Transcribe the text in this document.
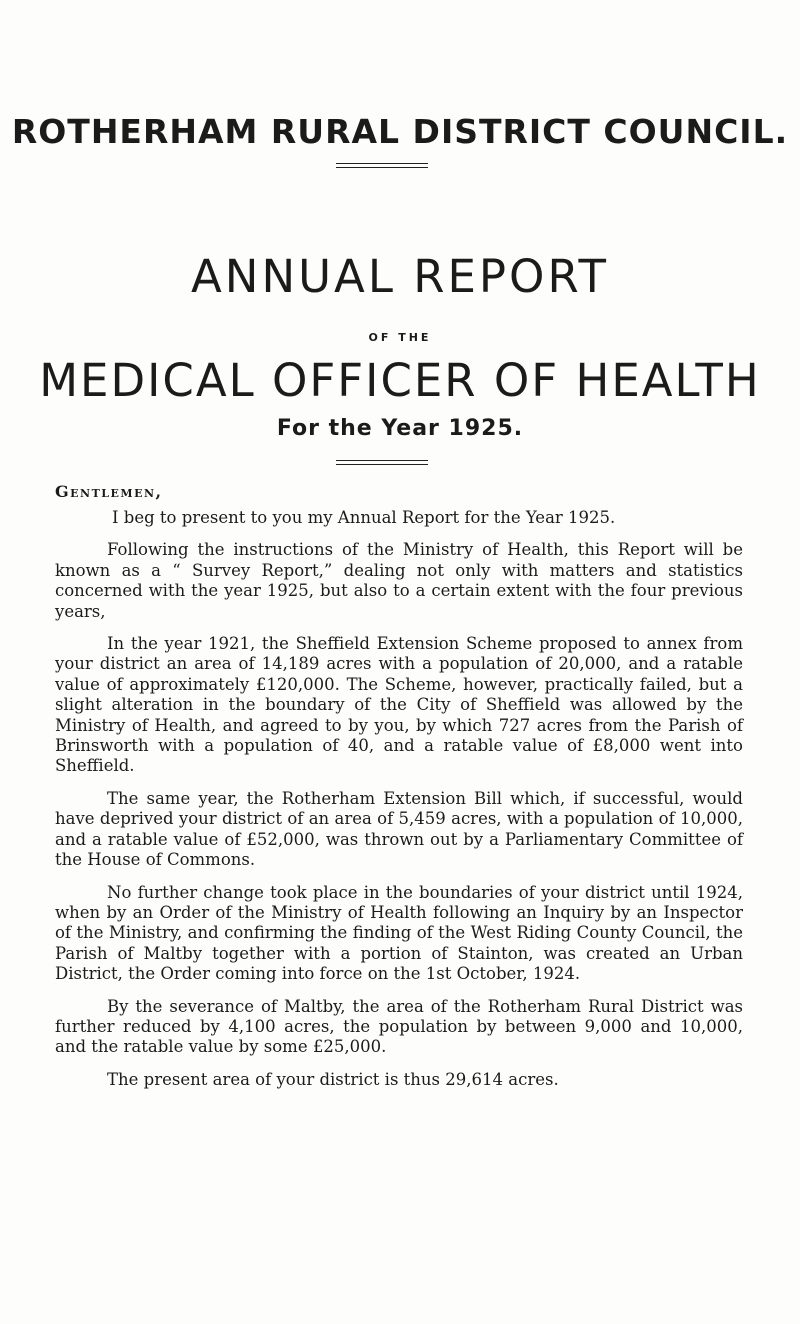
ROTHERHAM RURAL DISTRICT COUNCIL.
ANNUAL REPORT
OF THE
MEDICAL OFFICER OF HEALTH
For the Year 1925.
Gentlemen,

I beg to present to you my Annual Report for the Year 1925.

Following the instructions of the Ministry of Health, this Report will be known as a “ Survey Report,” dealing not only with matters and statistics concerned with the year 1925, but also to a certain extent with the four previous years,

In the year 1921, the Sheffield Extension Scheme proposed to annex from your district an area of 14,189 acres with a population of 20,000, and a ratable value of approximately £120,000. The Scheme, however, practically failed, but a slight alteration in the boundary of the City of Sheffield was allowed by the Ministry of Health, and agreed to by you, by which 727 acres from the Parish of Brinsworth with a population of 40, and a ratable value of £8,000 went into Sheffield.

The same year, the Rotherham Extension Bill which, if successful, would have deprived your district of an area of 5,459 acres, with a population of 10,000, and a ratable value of £52,000, was thrown out by a Parliamentary Committee of the House of Commons.

No further change took place in the boundaries of your district until 1924, when by an Order of the Ministry of Health following an Inquiry by an Inspector of the Ministry, and confirming the finding of the West Riding County Council, the Parish of Maltby together with a portion of Stainton, was created an Urban District, the Order coming into force on the 1st October, 1924.

By the severance of Maltby, the area of the Rotherham Rural District was further reduced by 4,100 acres, the population by between 9,000 and 10,000, and the ratable value by some £25,000.

The present area of your district is thus 29,614 acres.
